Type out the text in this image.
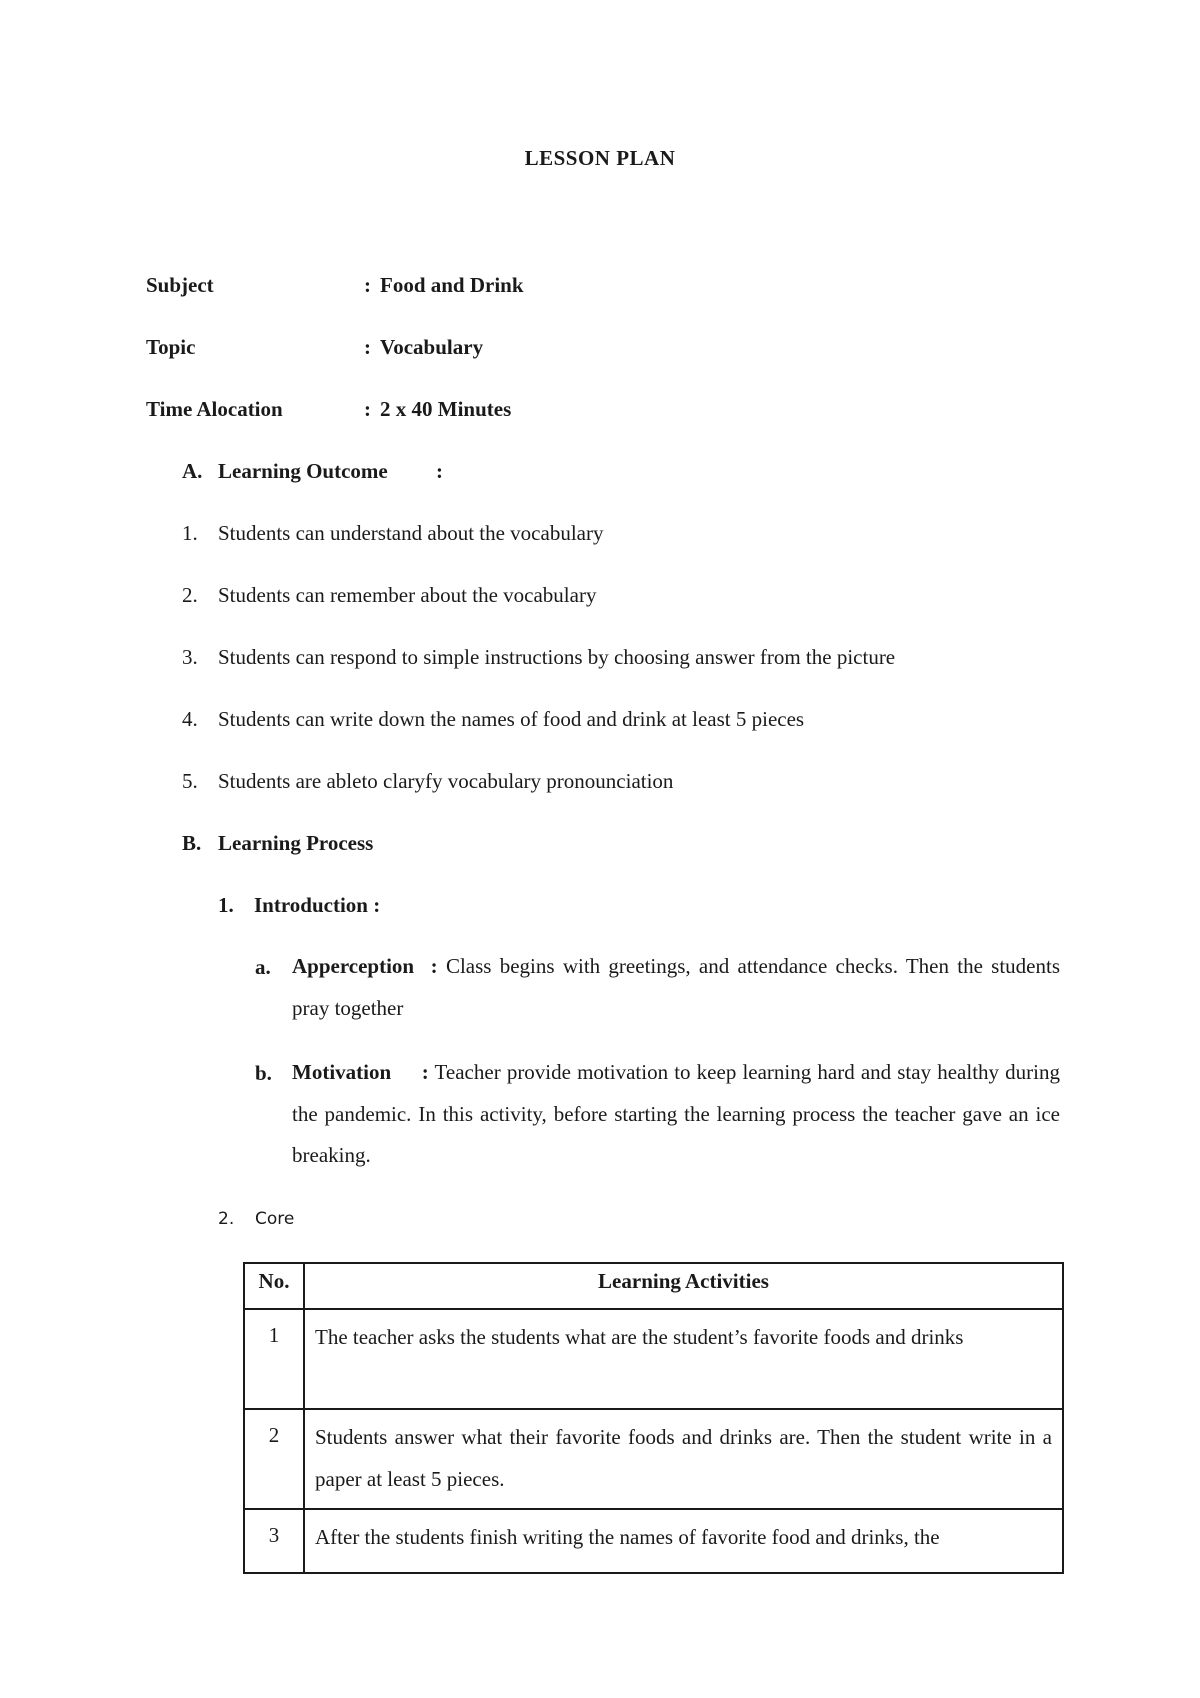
LESSON PLAN
Subject	: Food and Drink
Topic	: Vocabulary
Time Alocation	: 2 x 40 Minutes
A. Learning Outcome :
1. Students can understand about the vocabulary
2. Students can remember about the vocabulary
3. Students can respond to simple instructions by choosing answer from the picture
4. Students can write down the names of food and drink at least 5 pieces
5. Students are ableto claryfy vocabulary pronounciation
B. Learning Process
1. Introduction :
a. Apperception : Class begins with greetings, and attendance checks. Then the students pray together
b. Motivation : Teacher provide motivation to keep learning hard and stay healthy during the pandemic. In this activity, before starting the learning process the teacher gave an ice breaking.
2. Core
No.	Learning Activities
1	The teacher asks the students what are the student’s favorite foods and drinks
2	Students answer what their favorite foods and drinks are. Then the student write in a paper at least 5 pieces.
3	After the students finish writing the names of favorite food and drinks, the
